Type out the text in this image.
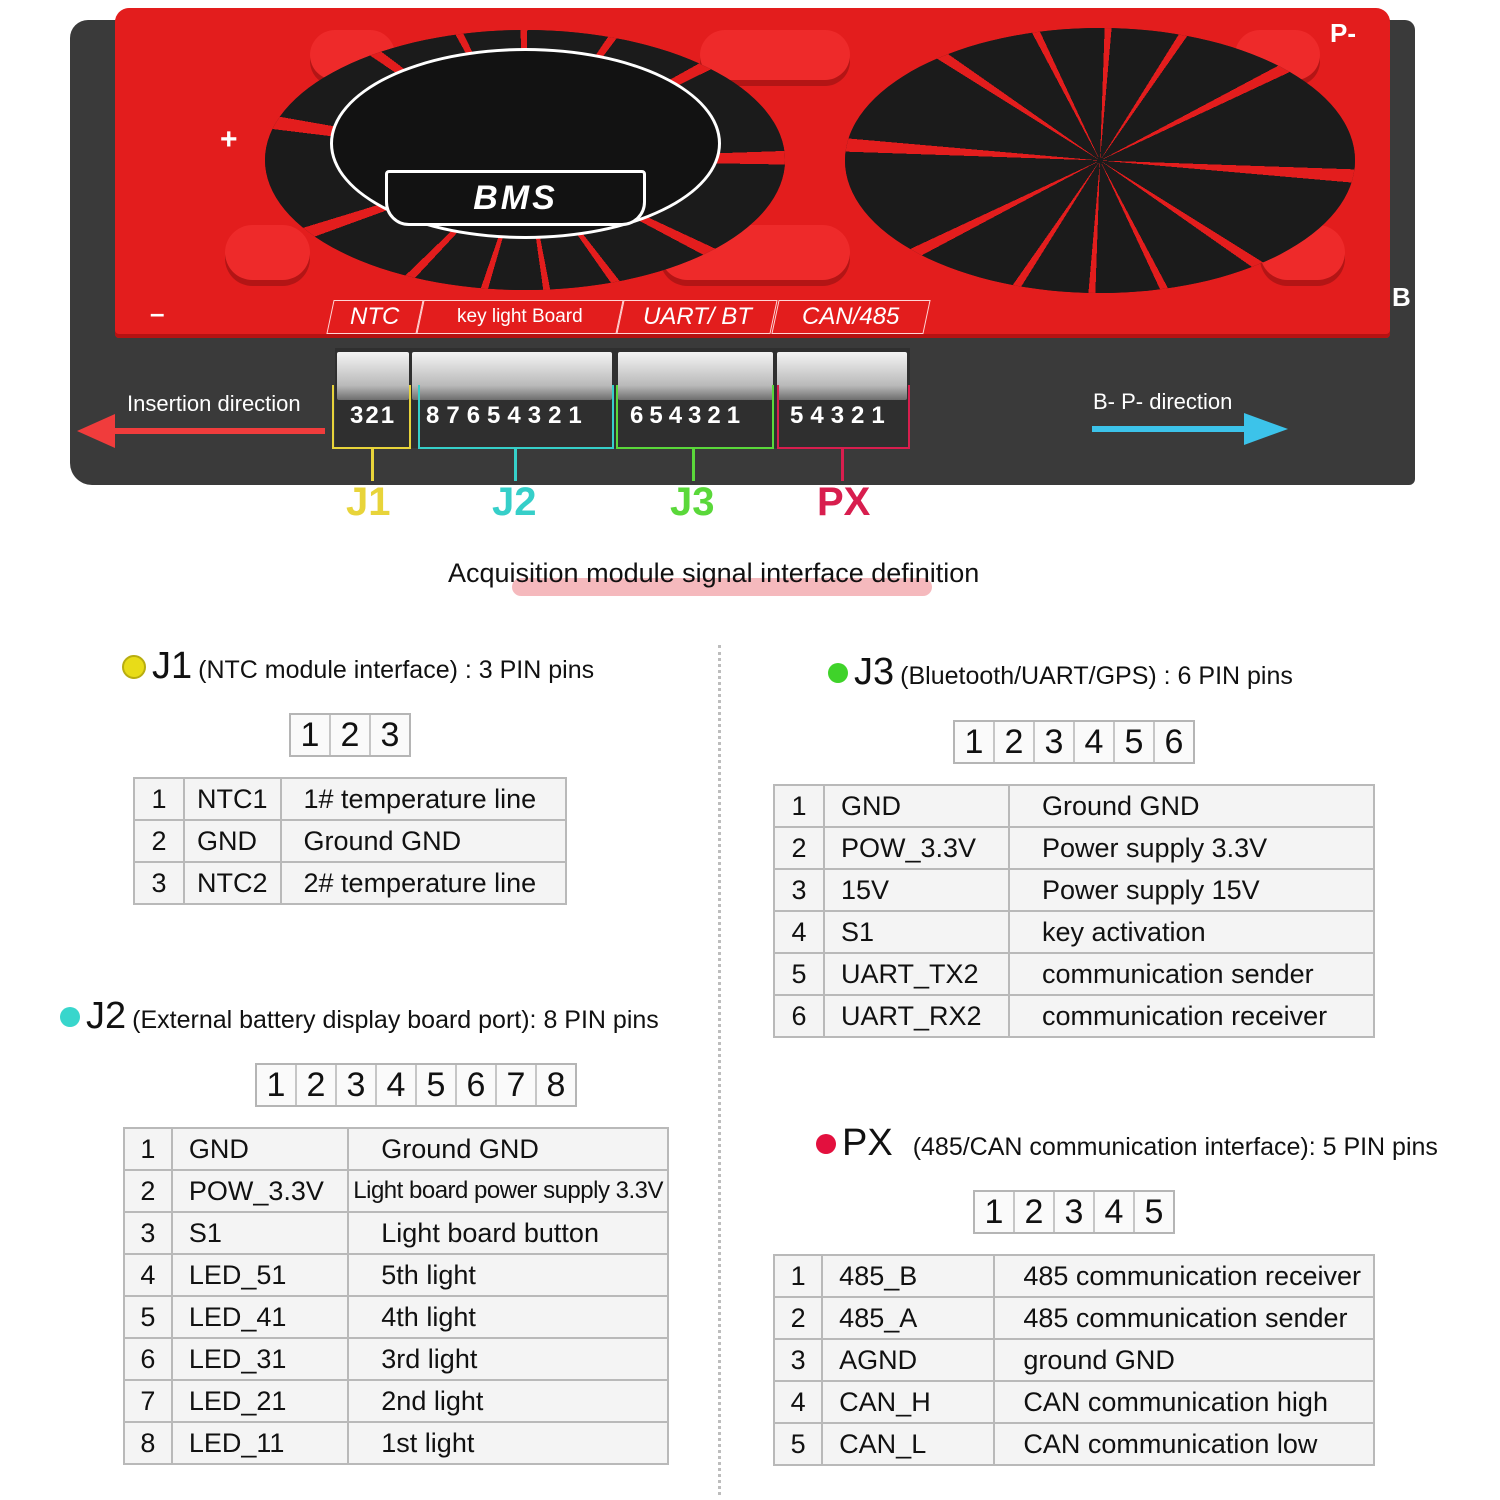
BMS
+
–
P-
B
NTC	key light Board UART/ BT CAN/485
321 87654321 654321 54321
J1	J2	J3	PX
Insertion direction	B- P- direction
Acquisition module signal interface definition
J1 (NTC module interface) : 3 PIN pins
1 2 3
1	NTC1	1# temperature line
2	GND	Ground GND
3	NTC2	2# temperature line
J2 (External battery display board port): 8 PIN pins
1 2 3 4 5 6 7 8
1	GND	Ground GND
2	POW_3.3V	Light board power supply 3.3V
3	S1	Light board button
4	LED_51	5th light
5	LED_41	4th light
6	LED_31	3rd light
7	LED_21	2nd light
8	LED_11	1st light
J3 (Bluetooth/UART/GPS) : 6 PIN pins
1 2 3 4 5 6
1	GND	Ground GND
2	POW_3.3V	Power supply 3.3V
3	15V	Power supply 15V
4	S1	key activation
5	UART_TX2	communication sender
6	UART_RX2	communication receiver
PX (485/CAN communication interface): 5 PIN pins
1 2 3 4 5
1	485_B	485 communication receiver
2	485_A	485 communication sender
3	AGND	ground GND
4	CAN_H	CAN communication high
5	CAN_L	CAN communication low
